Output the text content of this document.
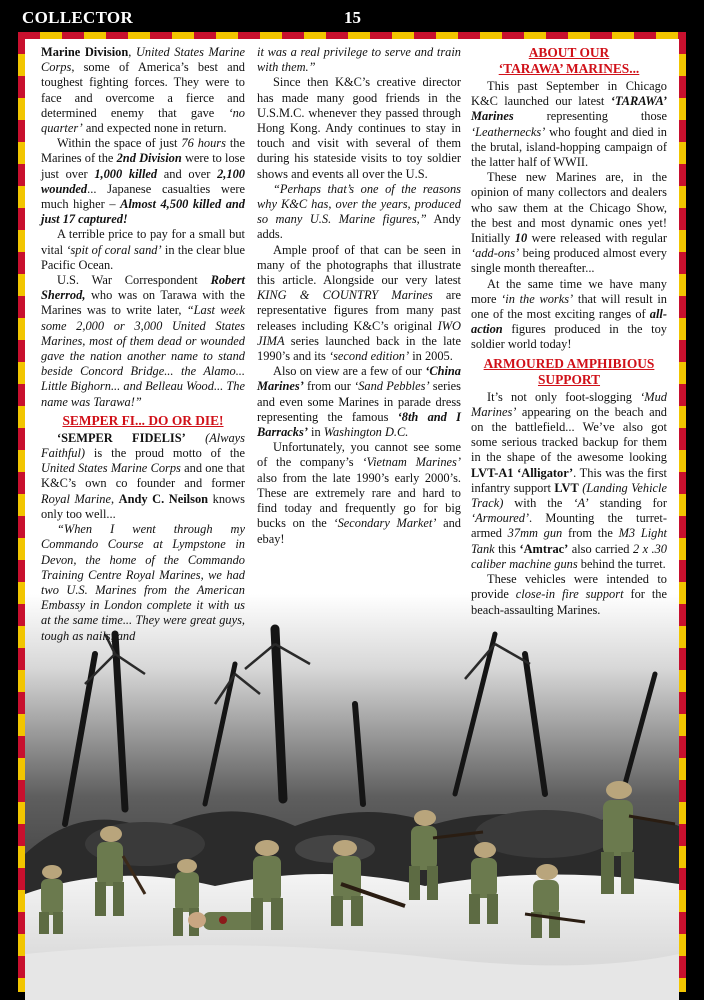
COLLECTOR	15

Marine Division, United States Marine Corps, some of America’s best and toughest fighting forces. They were to face and overcome a fierce and determined enemy that gave ‘no quarter’ and expected none in return.

Within the space of just 76 hours the Marines of the 2nd Division were to lose just over 1,000 killed and over 2,100 wounded... Japanese casualties were much higher – Almost 4,500 killed and just 17 captured!

A terrible price to pay for a small but vital ‘spit of coral sand’ in the clear blue Pacific Ocean.

U.S. War Correspondent Robert Sherrod, who was on Tarawa with the Marines was to write later, “Last week some 2,000 or 3,000 United States Marines, most of them dead or wounded gave the nation another name to stand beside Concord Bridge... the Alamo... Little Bighorn... and Belleau Wood... The name was Tarawa!”

SEMPER FI... DO OR DIE!

‘SEMPER FIDELIS’ (Always Faithful) is the proud motto of the United States Marine Corps and one that K&C’s own co founder and former Royal Marine, Andy C. Neilson knows only too well...

“When I went through my Commando Course at Lympstone in Devon, the home of the Commando Training Centre Royal Marines, we had two U.S. Marines from the American Embassy in London complete it with us at the same time... They were great guys, tough as nails, and

it was a real privilege to serve and train with them.”

Since then K&C’s creative director has made many good friends in the U.S.M.C. whenever they passed through Hong Kong. Andy continues to stay in touch and visit with several of them during his stateside visits to toy soldier shows and events all over the U.S.

“Perhaps that’s one of the reasons why K&C has, over the years, produced so many U.S. Marine figures,” Andy adds.

Ample proof of that can be seen in many of the photographs that illustrate this article. Alongside our very latest KING & COUNTRY Marines are representative figures from many past releases including K&C’s original IWO JIMA series launched back in the late 1990’s and its ‘second edition’ in 2005.

Also on view are a few of our ‘China Marines’ from our ‘Sand Pebbles’ series and even some Marines in parade dress representing the famous ‘8th and I Barracks’ in Washington D.C.

Unfortunately, you cannot see some of the company’s ‘Vietnam Marines’ also from the late 1990’s early 2000’s. These are extremely rare and hard to find today and frequently go for big bucks on the ‘Secondary Market’ and ebay!

ABOUT OUR
‘TARAWA’ MARINES...

This past September in Chicago K&C launched our latest ‘TARAWA’ Marines representing those ‘Leathernecks’ who fought and died in the brutal, island-hopping campaign of the latter half of WWII.

These new Marines are, in the opinion of many collectors and dealers who saw them at the Chicago Show, the best and most dynamic ones yet! Initially 10 were released with regular ‘add-ons’ being produced almost every single month thereafter...

At the same time we have many more ‘in the works’ that will result in one of the most exciting ranges of all-action figures produced in the toy soldier world today!

ARMOURED AMPHIBIOUS
SUPPORT

It’s not only foot-slogging ‘Mud Marines’ appearing on the beach and on the battlefield... We’ve also got some serious tracked backup for them in the shape of the awesome looking LVT-A1 ‘Alligator’. This was the first infantry support LVT (Landing Vehicle Track) with the ‘A’ standing for ‘Armoured’. Mounting the turret-armed 37mm gun from the M3 Light Tank this ‘Amtrac’ also carried 2 x .30 caliber machine guns behind the turret.

These vehicles were intended to provide close-in fire support for the beach-assaulting Marines.
